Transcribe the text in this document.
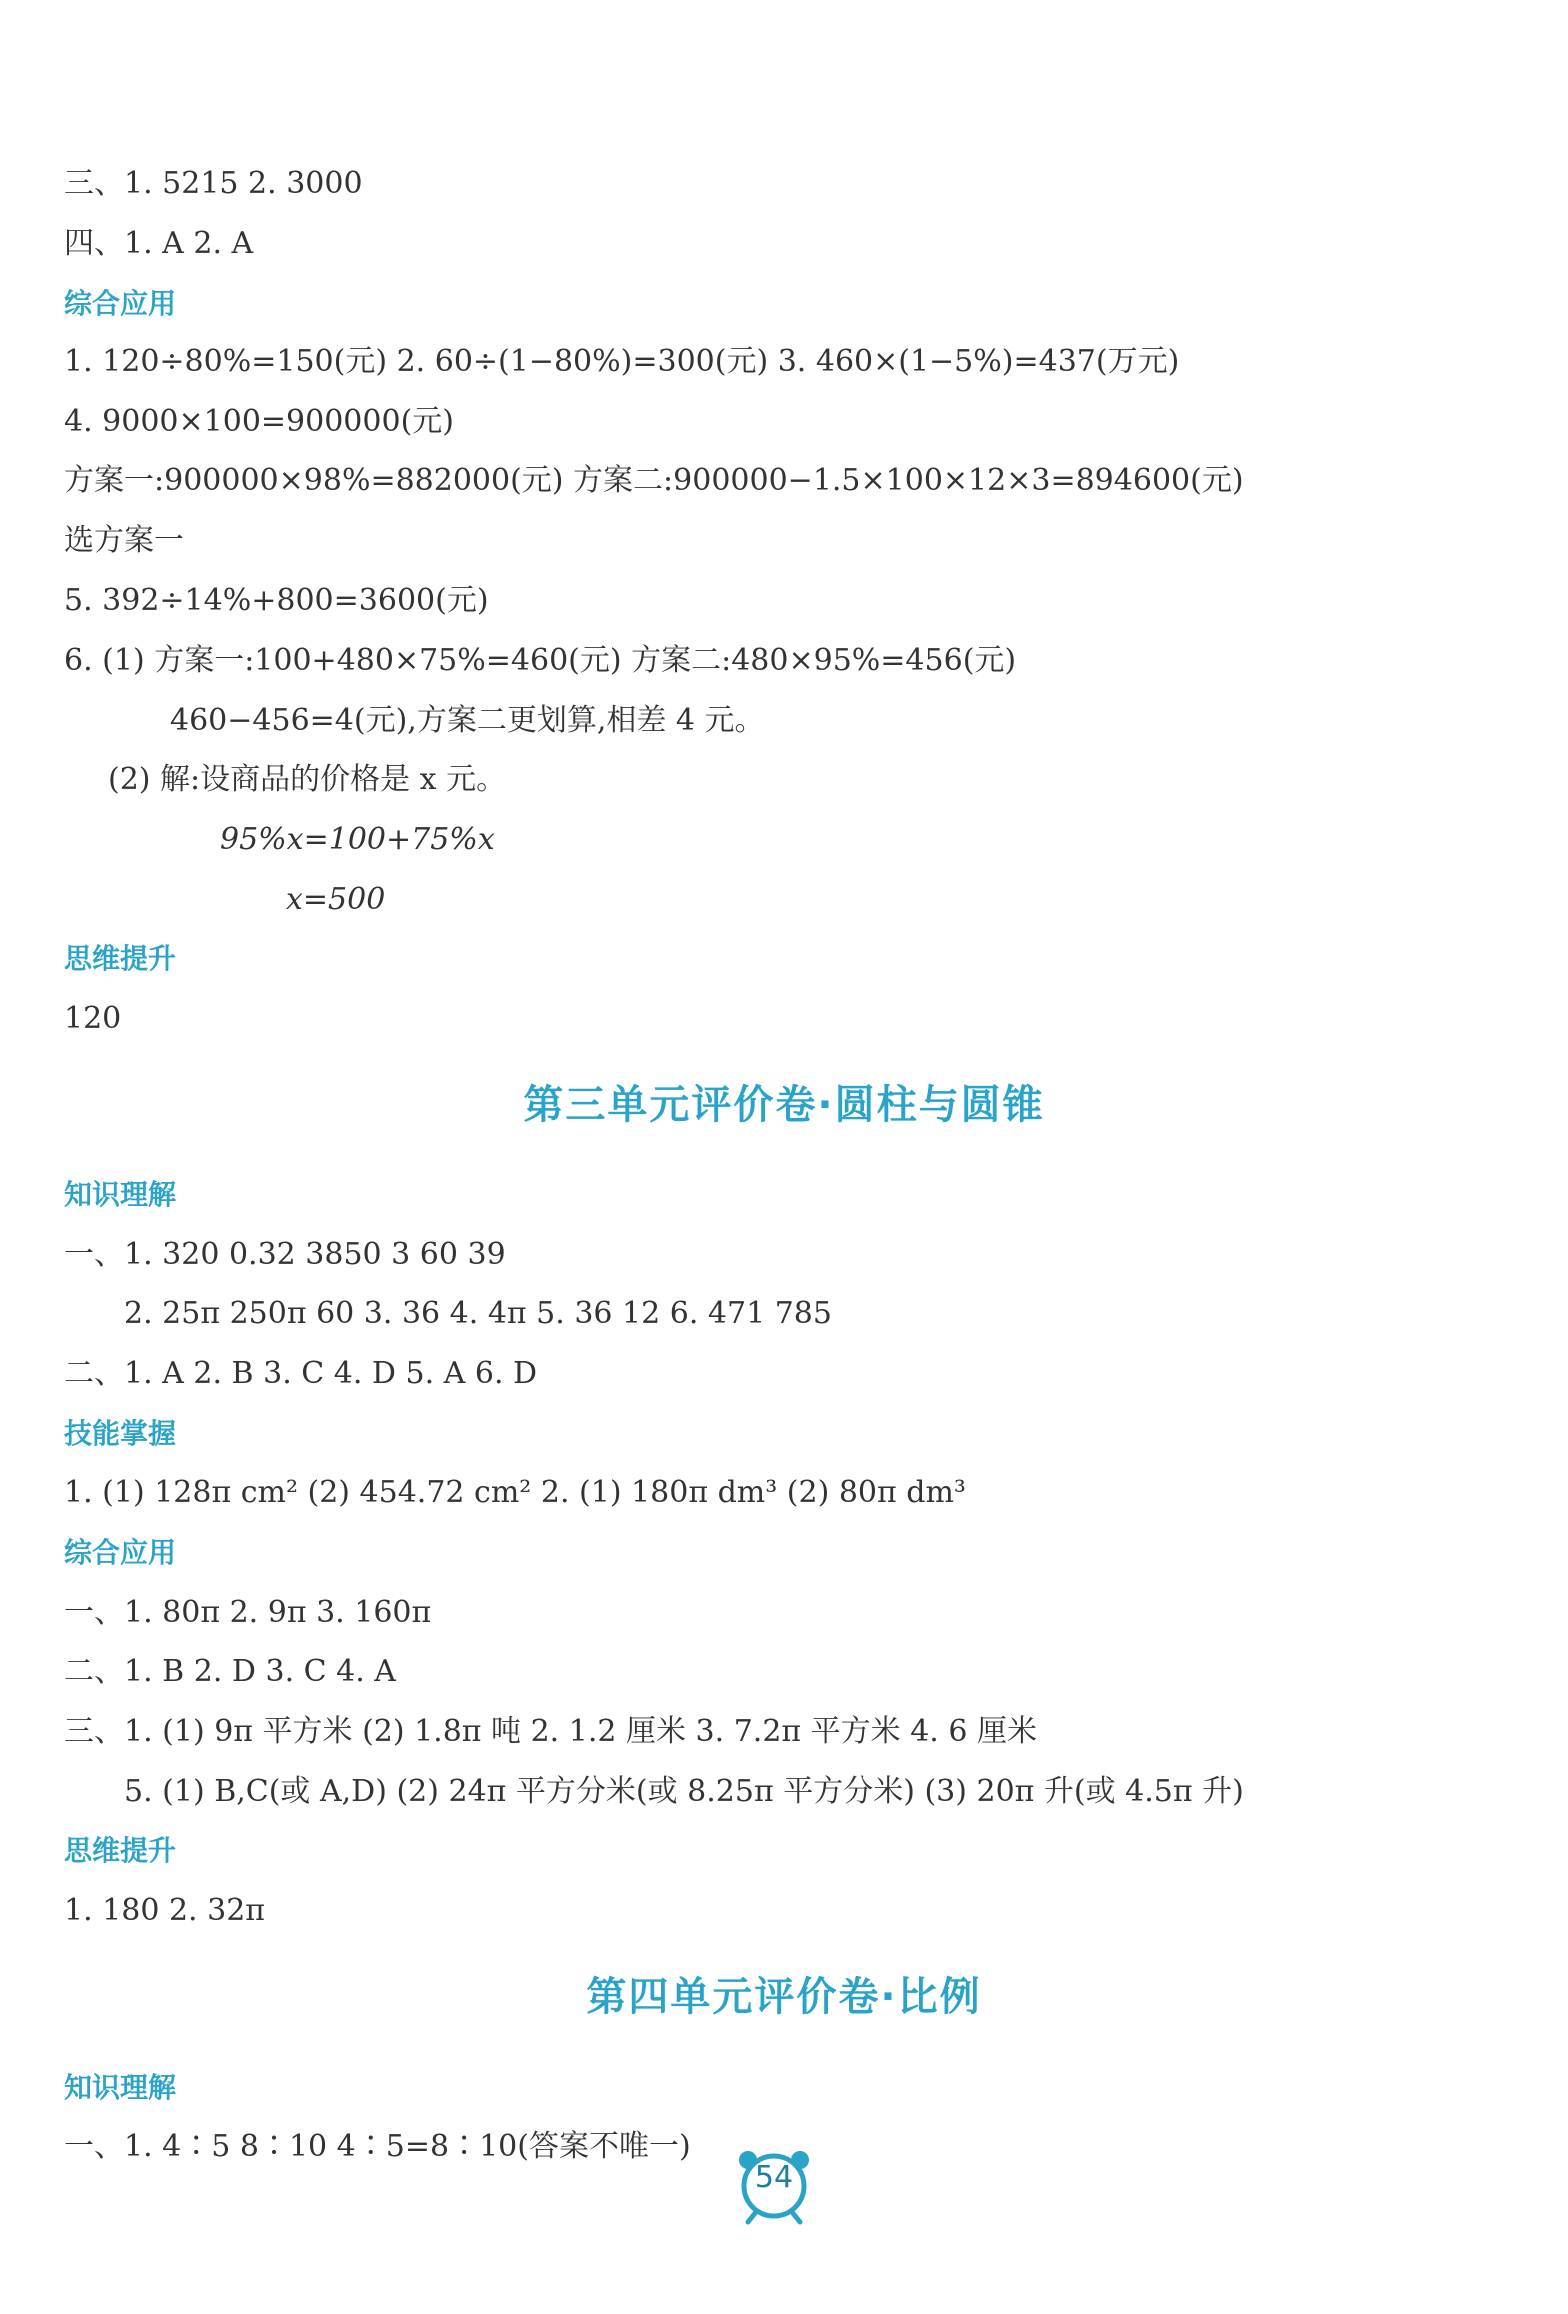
三、1. 5215 2. 3000
四、1. A 2. A
综合应用
1. 120÷80%=150(元) 2. 60÷(1−80%)=300(元) 3. 460×(1−5%)=437(万元)
4. 9000×100=900000(元)
方案一:900000×98%=882000(元) 方案二:900000−1.5×100×12×3=894600(元)
选方案一
5. 392÷14%+800=3600(元)
6. (1) 方案一:100+480×75%=460(元) 方案二:480×95%=456(元)
460−456=4(元),方案二更划算,相差 4 元。
(2) 解:设商品的价格是 x 元。
95%x=100+75%x
x=500
思维提升
120
第三单元评价卷·圆柱与圆锥
知识理解
一、1. 320 0.32 3850 3 60 39
2. 25π 250π 60 3. 36 4. 4π 5. 36 12 6. 471 785
二、1. A 2. B 3. C 4. D 5. A 6. D
技能掌握
1. (1) 128π cm² (2) 454.72 cm² 2. (1) 180π dm³ (2) 80π dm³
综合应用
一、1. 80π 2. 9π 3. 160π
二、1. B 2. D 3. C 4. A
三、1. (1) 9π 平方米 (2) 1.8π 吨 2. 1.2 厘米 3. 7.2π 平方米 4. 6 厘米
5. (1) B,C(或 A,D) (2) 24π 平方分米(或 8.25π 平方分米) (3) 20π 升(或 4.5π 升)
思维提升
1. 180 2. 32π
第四单元评价卷·比例
知识理解
一、1. 4∶5 8∶10 4∶5=8∶10(答案不唯一)
54
